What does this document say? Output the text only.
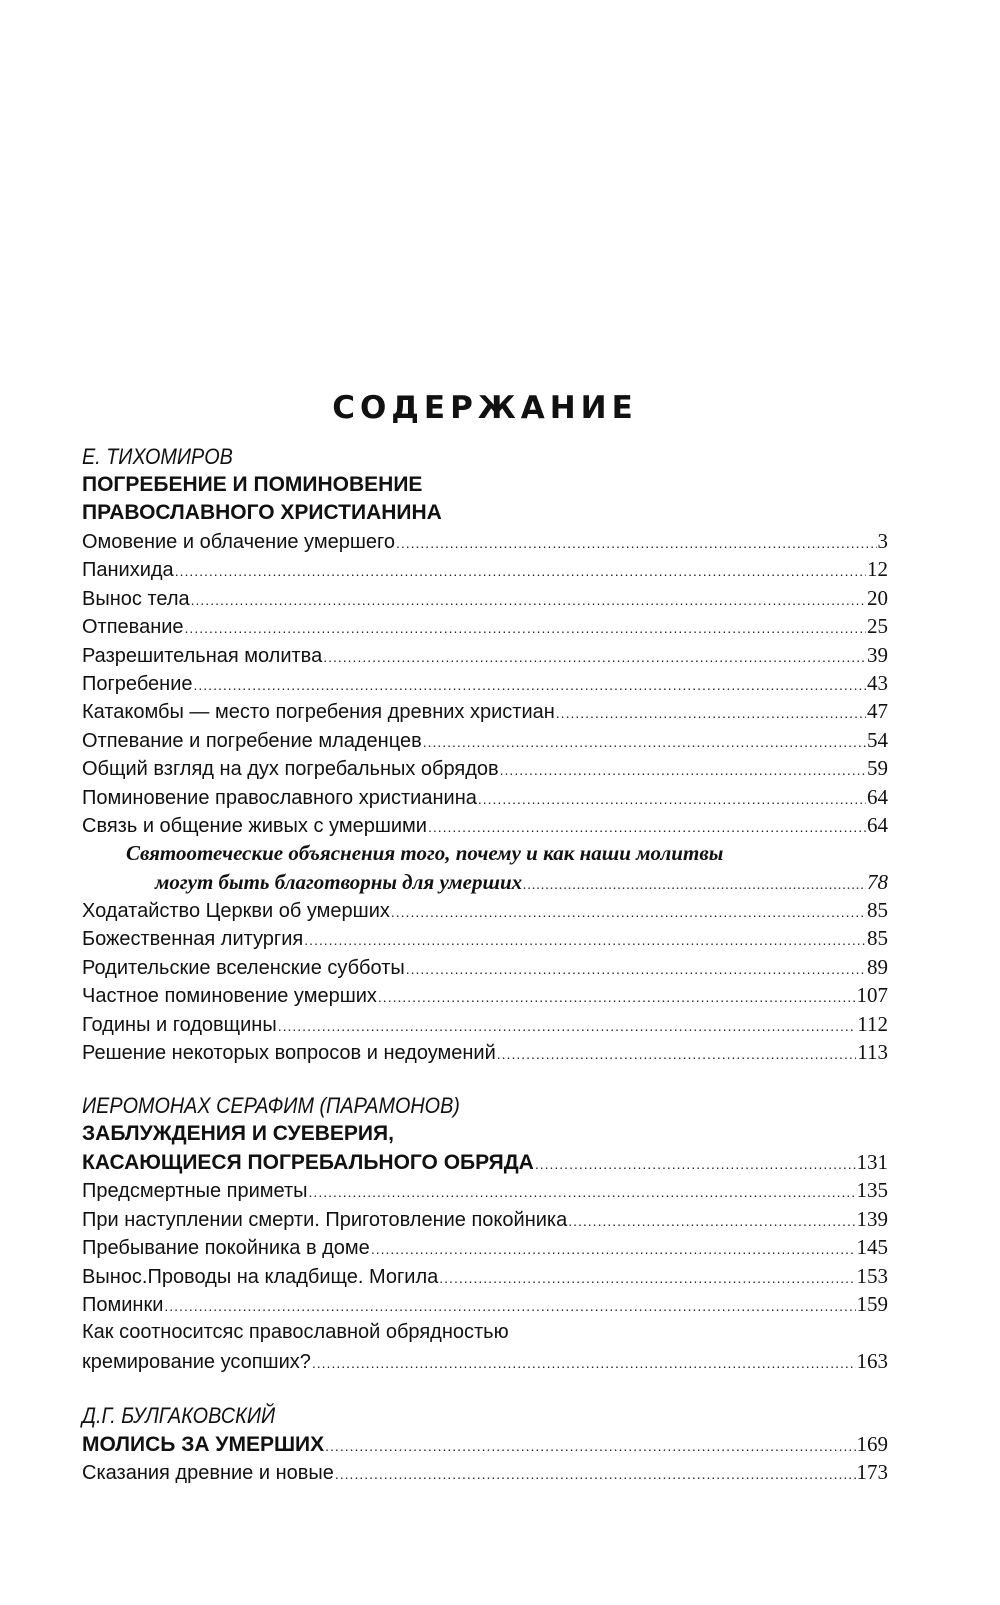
СОДЕРЖАНИЕ
Е. ТИХОМИРОВ
ПОГРЕБЕНИЕ И ПОМИНОВЕНИЕ
ПРАВОСЛАВНОГО ХРИСТИАНИНА
Омовение и облачение умершего .....	3
Панихида .....	12
Вынос тела .....	20
Отпевание .....	25
Разрешительная молитва .....	39
Погребение .....	43
Катакомбы — место погребения древних христиан .....	47
Отпевание и погребение младенцев .....	54
Общий взгляд на дух погребальных обрядов .....	59
Поминовение православного христианина .....	64
Связь и общение живых с умершими .....	64
Святоотеческие объяснения того, почему и как наши молитвы
могут быть благотворны для умерших .....	78
Ходатайство Церкви об умерших .....	85
Божественная литургия .....	85
Родительские вселенские субботы .....	89
Частное поминовение умерших .....	107
Годины и годовщины .....	112
Решение некоторых вопросов и недоумений .....	113
ИЕРОМОНАХ СЕРАФИМ (ПАРАМОНОВ)
ЗАБЛУЖДЕНИЯ И СУЕВЕРИЯ,
КАСАЮЩИЕСЯ ПОГРЕБАЛЬНОГО ОБРЯДА .....	131
Предсмертные приметы .....	135
При наступлении смерти. Приготовление покойника .....	139
Пребывание покойника в доме .....	145
Вынос.Проводы на кладбище. Могила .....	153
Поминки .....	159
Как соотноситсяс православной обрядностью
кремирование усопших? .....	163
Д.Г. БУЛГАКОВСКИЙ
МОЛИСЬ ЗА УМЕРШИХ .....	169
Сказания древние и новые .....	173
